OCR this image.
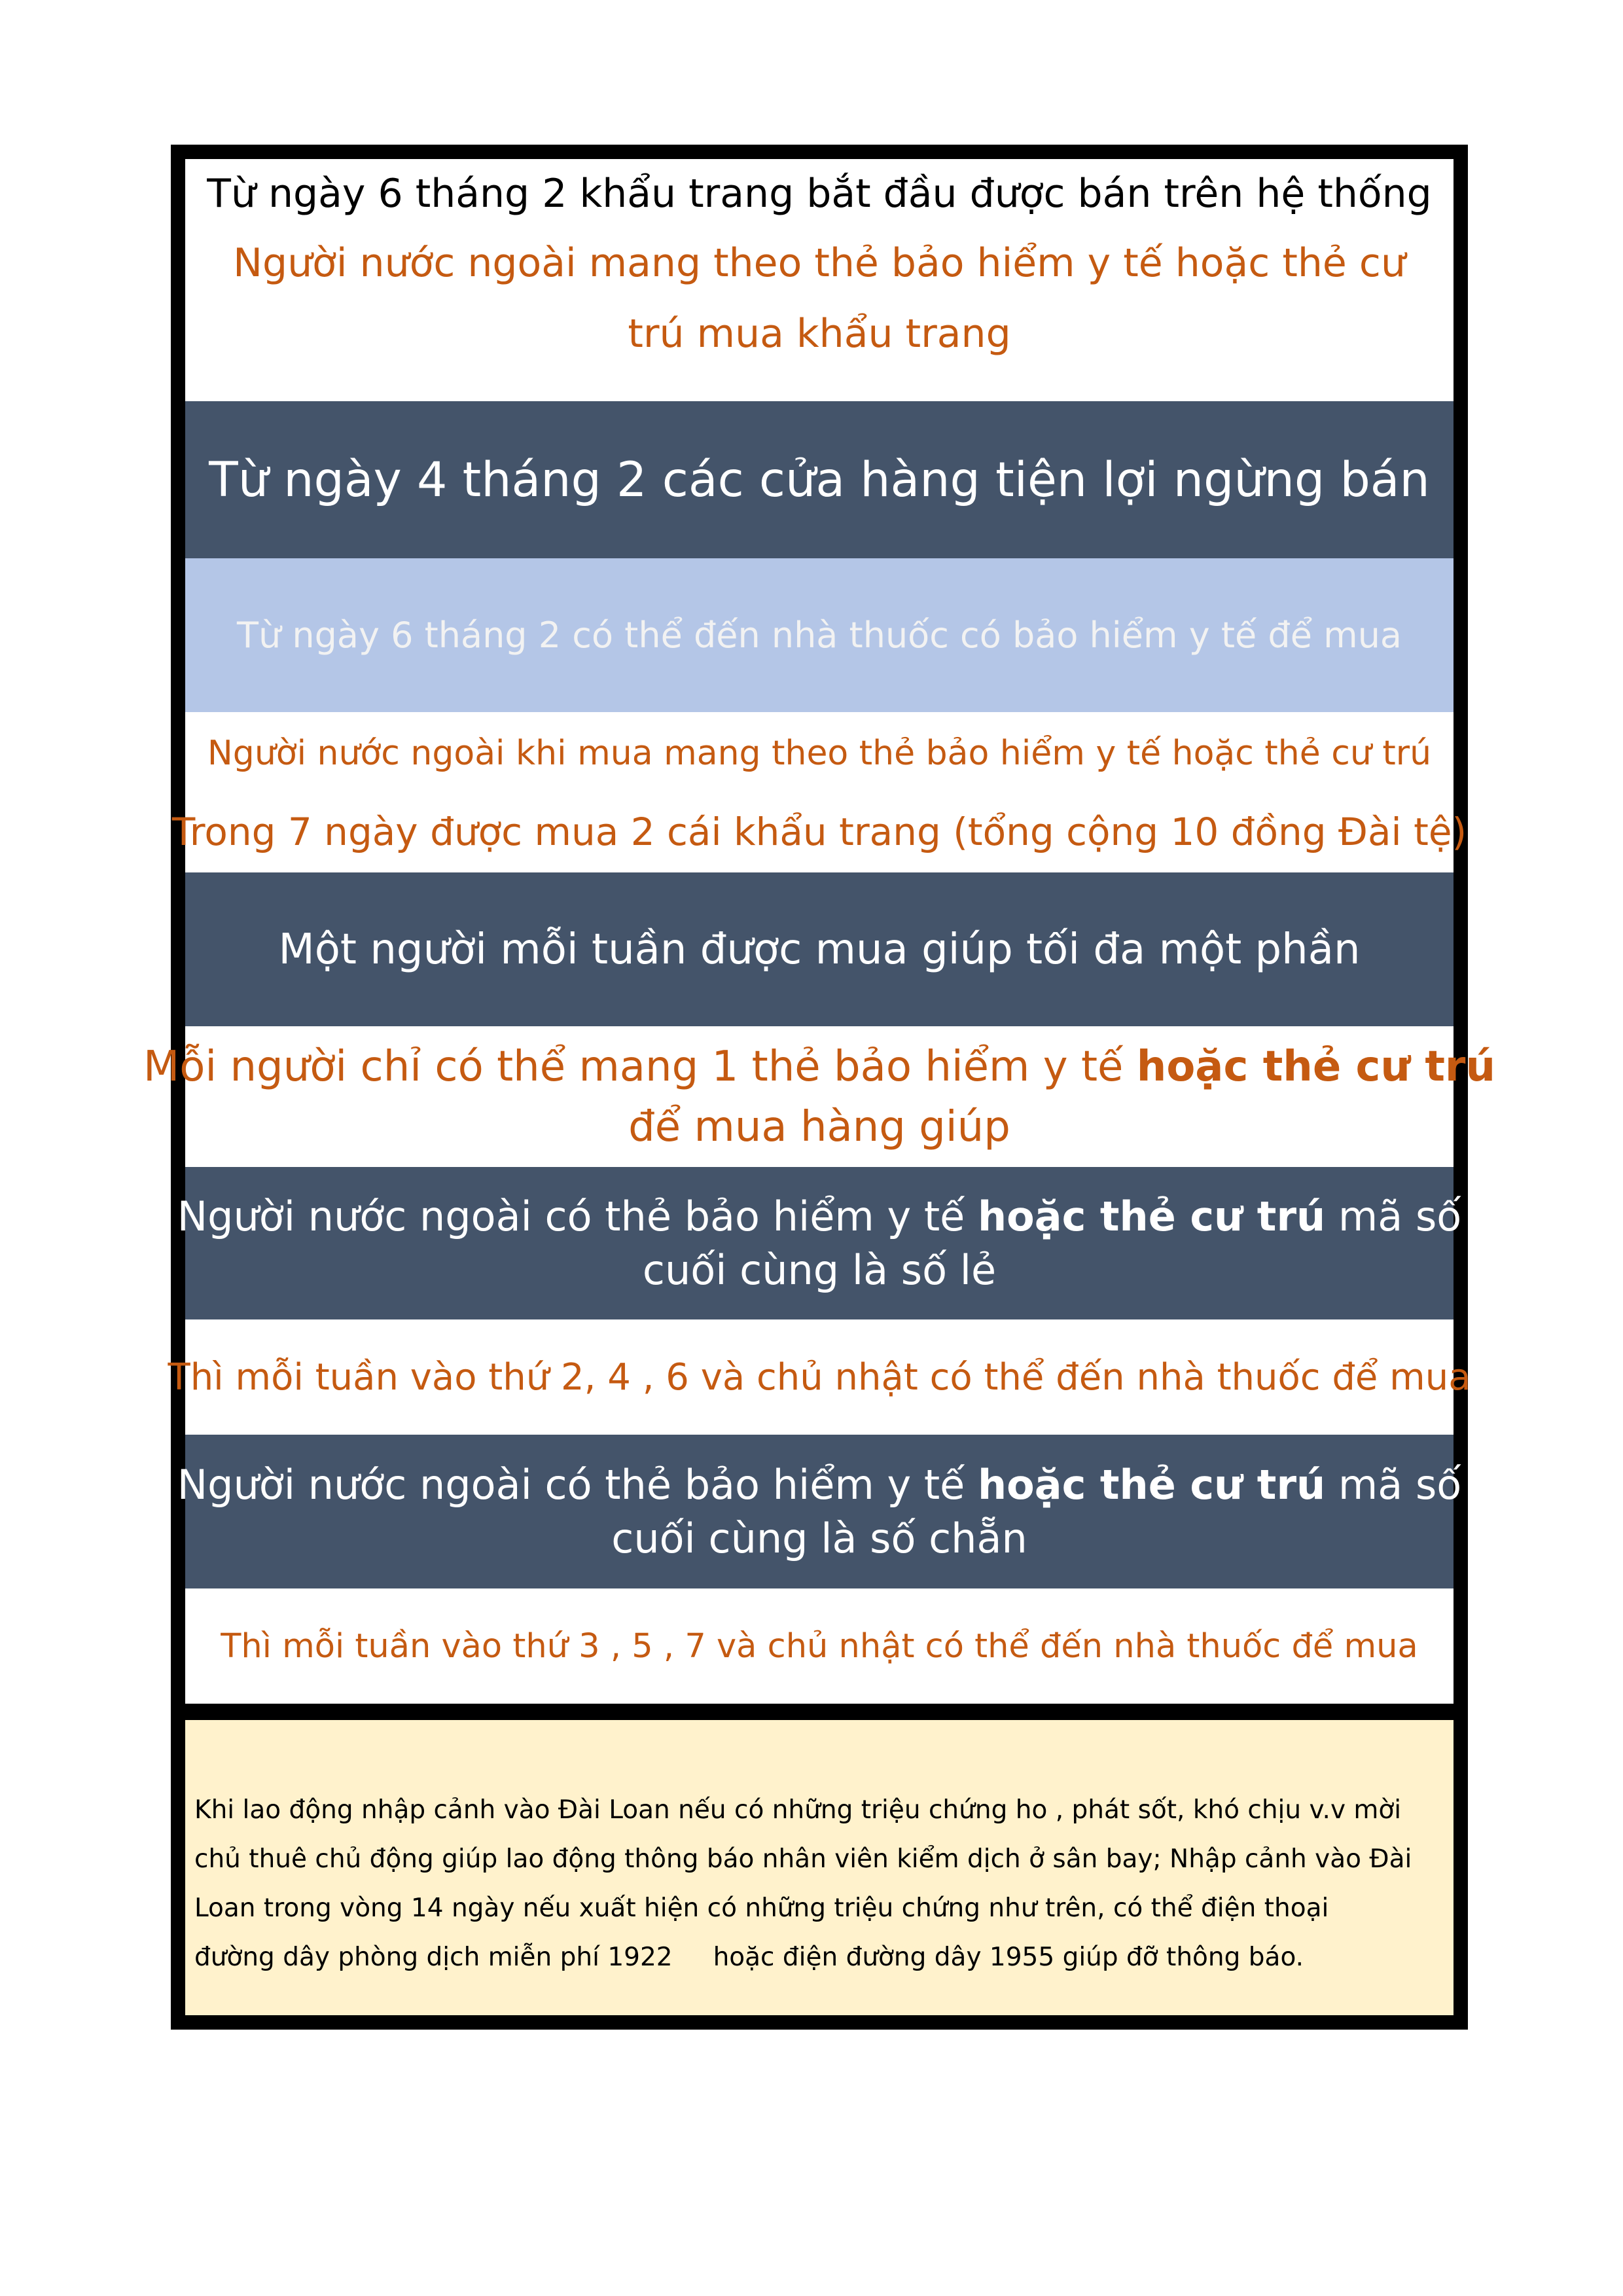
Từ ngày 6 tháng 2 khẩu trang bắt đầu được bán trên hệ thống
Người nước ngoài mang theo thẻ bảo hiểm y tế hoặc thẻ cư
trú mua khẩu trang
Từ ngày 4 tháng 2 các cửa hàng tiện lợi ngừng bán
Từ ngày 6 tháng 2 có thể đến nhà thuốc có bảo hiểm y tế để mua
Người nước ngoài khi mua mang theo thẻ bảo hiểm y tế hoặc thẻ cư trú
Trong 7 ngày được mua 2 cái khẩu trang (tổng cộng 10 đồng Đài tệ)
Một người mỗi tuần được mua giúp tối đa một phần
Mỗi người chỉ có thể mang 1 thẻ bảo hiểm y tế hoặc thẻ cư trú
để mua hàng giúp
Người nước ngoài có thẻ bảo hiểm y tế hoặc thẻ cư trú mã số
cuối cùng là số lẻ
Thì mỗi tuần vào thứ 2, 4 , 6 và chủ nhật có thể đến nhà thuốc để mua
Người nước ngoài có thẻ bảo hiểm y tế hoặc thẻ cư trú mã số
cuối cùng là số chẵn
Thì mỗi tuần vào thứ 3 , 5 , 7 và chủ nhật có thể đến nhà thuốc để mua
Khi lao động nhập cảnh vào Đài Loan nếu có những triệu chứng ho , phát sốt, khó chịu v.v mời
chủ thuê chủ động giúp lao động thông báo nhân viên kiểm dịch ở sân bay; Nhập cảnh vào Đài
Loan trong vòng 14 ngày nếu xuất hiện có những triệu chứng như trên, có thể điện thoại
đường dây phòng dịch miễn phí 1922     hoặc điện đường dây 1955 giúp đỡ thông báo.
